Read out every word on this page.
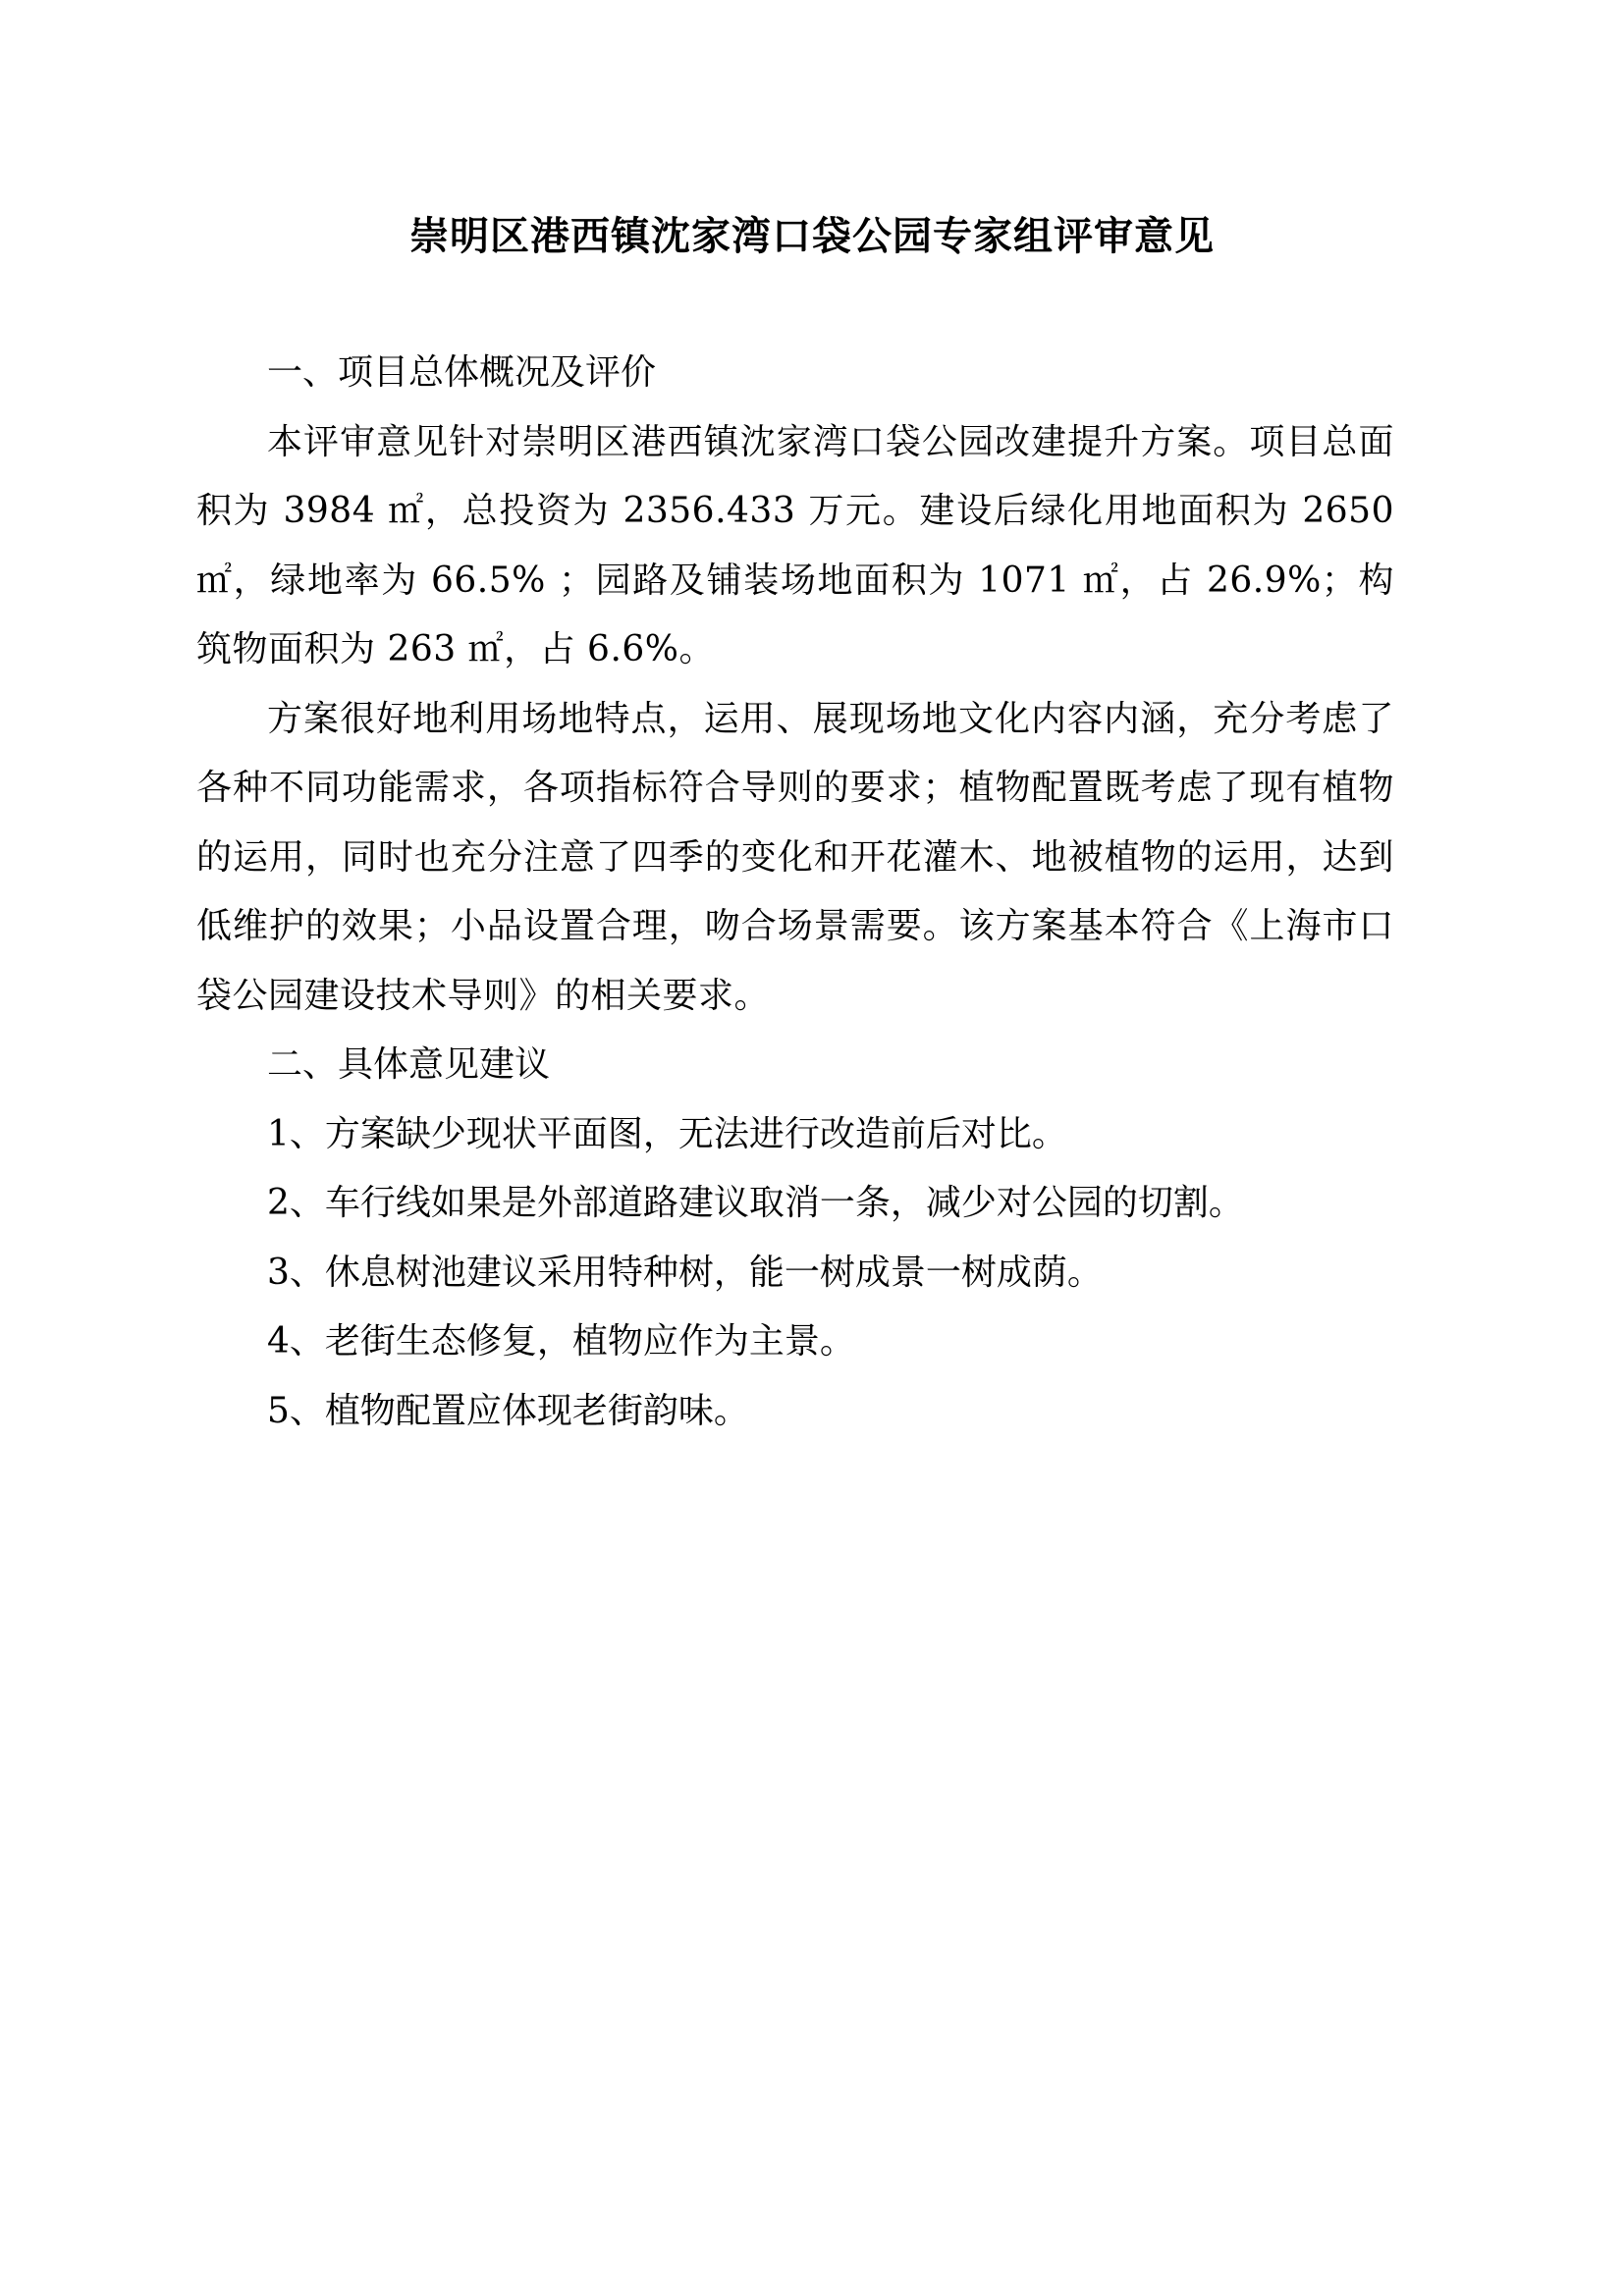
崇明区港西镇沈家湾口袋公园专家组评审意见
一、项目总体概况及评价

本评审意见针对崇明区港西镇沈家湾口袋公园改建提升方案。项目总面积为 3984 ㎡，总投资为 2356.433 万元。建设后绿化用地面积为 2650 ㎡，绿地率为 66.5% ；园路及铺装场地面积为 1071 ㎡，占 26.9%；构筑物面积为 263 ㎡，占 6.6%。

方案很好地利用场地特点，运用、展现场地文化内容内涵，充分考虑了各种不同功能需求，各项指标符合导则的要求；植物配置既考虑了现有植物的运用，同时也充分注意了四季的变化和开花灌木、地被植物的运用，达到低维护的效果；小品设置合理，吻合场景需要。该方案基本符合《上海市口袋公园建设技术导则》的相关要求。

二、具体意见建议
1、方案缺少现状平面图，无法进行改造前后对比。
2、车行线如果是外部道路建议取消一条，减少对公园的切割。
3、休息树池建议采用特种树，能一树成景一树成荫。
4、老街生态修复，植物应作为主景。
5、植物配置应体现老街韵味。
